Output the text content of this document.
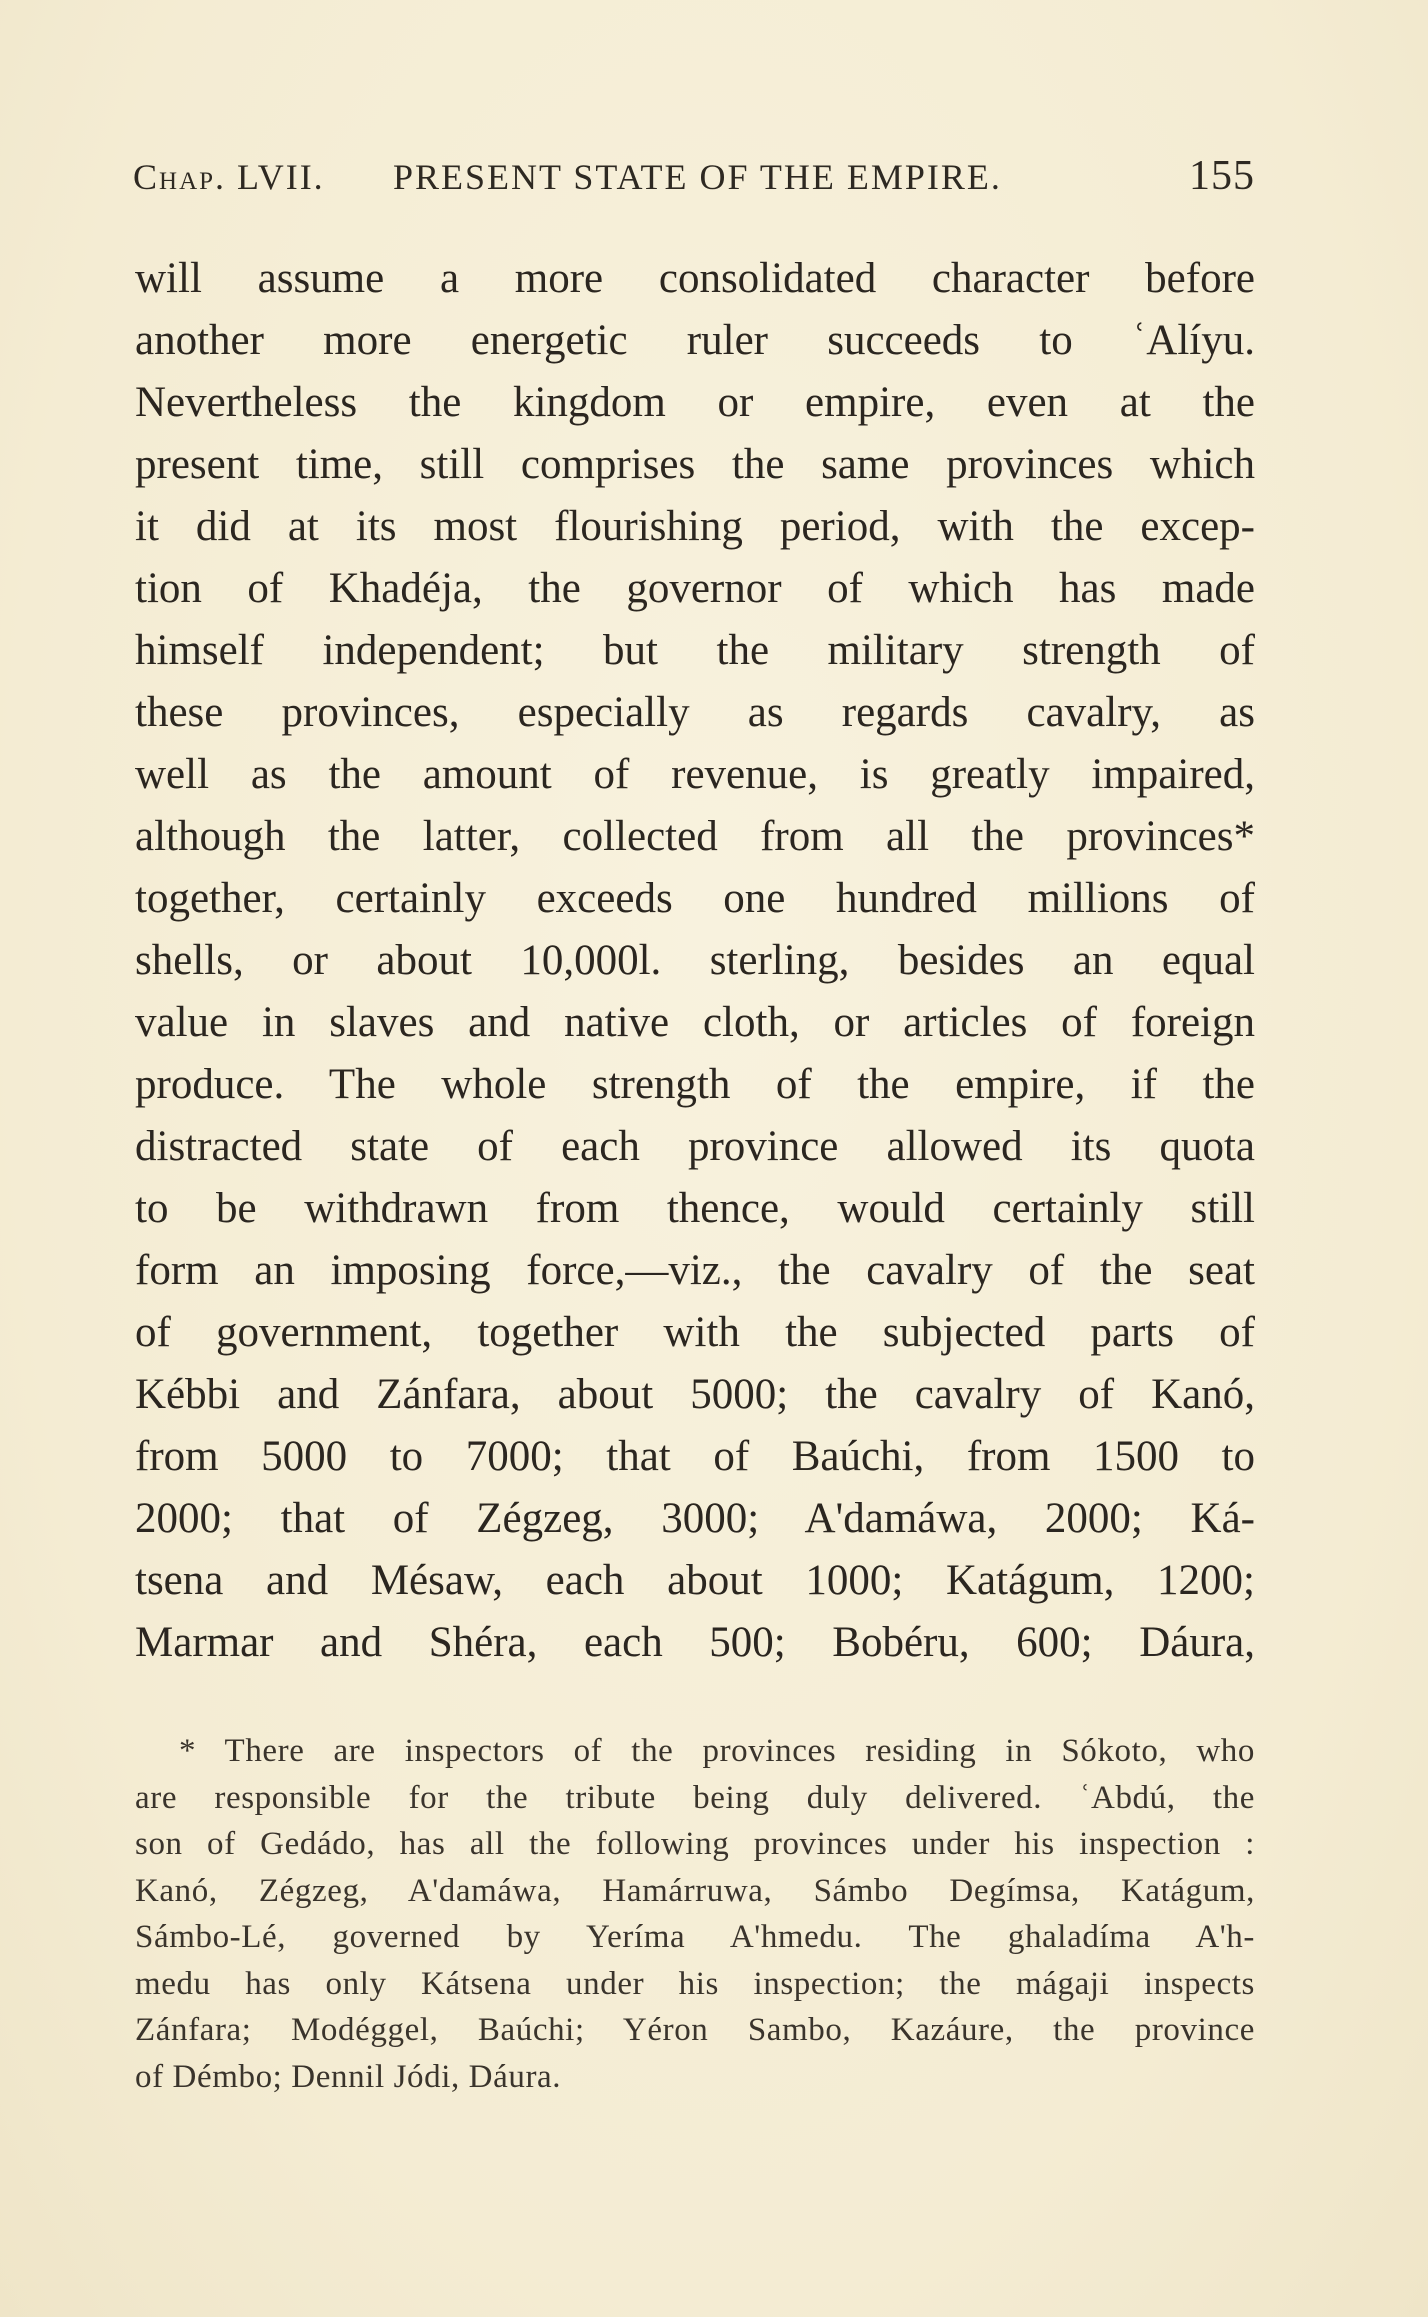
Chap. LVII. PRESENT STATE OF THE EMPIRE.	155
will assume a more consolidated character before
another more energetic ruler succeeds to ʿAlíyu.
Nevertheless the kingdom or empire, even at the
present time, still comprises the same provinces which
it did at its most flourishing period, with the excep-
tion of Khadéja, the governor of which has made
himself independent; but the military strength of
these provinces, especially as regards cavalry, as
well as the amount of revenue, is greatly impaired,
although the latter, collected from all the provinces*
together, certainly exceeds one hundred millions of
shells, or about 10,000l. sterling, besides an equal
value in slaves and native cloth, or articles of foreign
produce. The whole strength of the empire, if the
distracted state of each province allowed its quota
to be withdrawn from thence, would certainly still
form an imposing force,—viz., the cavalry of the seat
of government, together with the subjected parts of
Kébbi and Zánfara, about 5000; the cavalry of Kanó,
from 5000 to 7000; that of Baúchi, from 1500 to
2000; that of Zégzeg, 3000; A'damáwa, 2000; Ká-
tsena and Mésaw, each about 1000; Katágum, 1200;
Marmar and Shéra, each 500; Bobéru, 600; Dáura,
* There are inspectors of the provinces residing in Sókoto, who
are responsible for the tribute being duly delivered. ʿAbdú, the
son of Gedádo, has all the following provinces under his inspection :
Kanó, Zégzeg, A'damáwa, Hamárruwa, Sámbo Degímsa, Katágum,
Sámbo-Lé, governed by Yeríma A'hmedu. The ghaladíma A'h-
medu has only Kátsena under his inspection; the mágaji inspects
Zánfara; Modéggel, Baúchi; Yéron Sambo, Kazáure, the province
of Démbo; Dennil Jódi, Dáura.
